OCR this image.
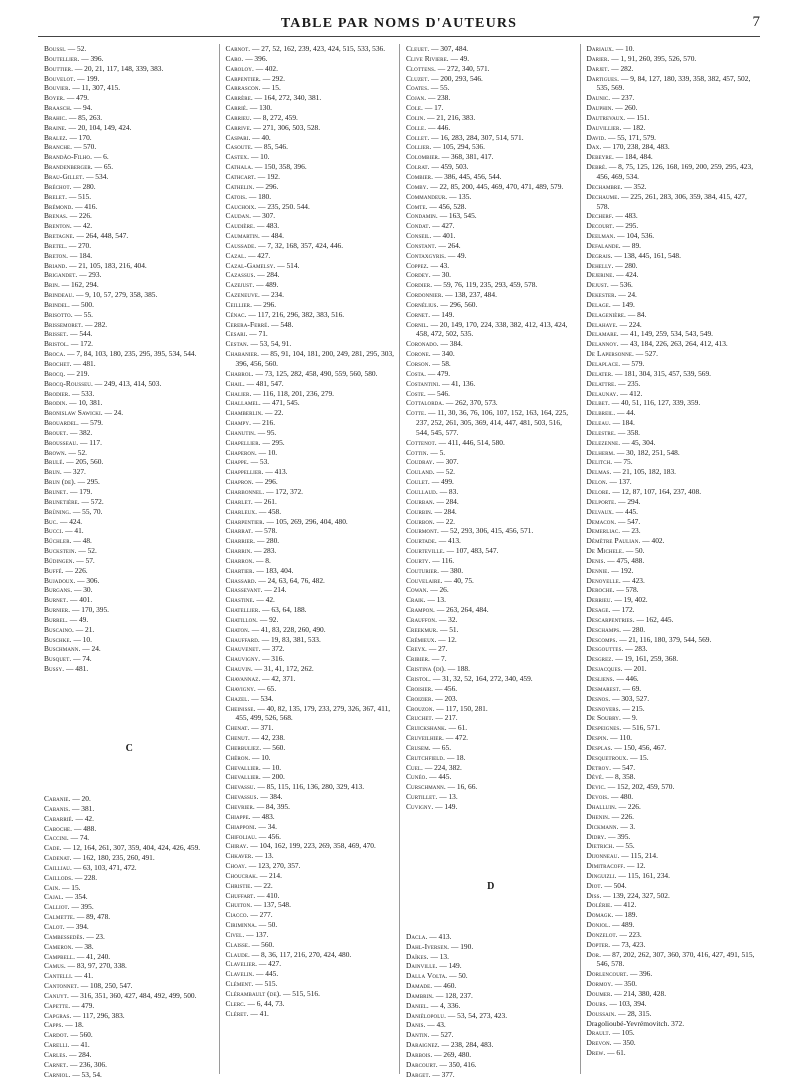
TABLE PAR NOMS D'AUTEURS	7
Boussi. — 52.
Boutellier. — 396.
Bouttier. — 20, 21, 117, 148, 339, 383.
Bouvelot. — 199.
Bouvier. — 11, 307, 415.
Boyer. — 479.
Braasch. — 94.
Brahic. — 85, 263.
Braine. — 20, 104, 149, 424.
Bralez. — 170.
Branche. — 570.
Brandão-Filho. — 6.
Brandenberger. — 65.
Brau-Gillet. — 534.
Bréchot. — 280.
Brelet. — 515.
Brémond. — 416.
Brenas. — 226.
Brenton. — 42.
Bretagne. — 264, 448, 547.
Bretel. — 270.
Breton. — 184.
Briand. — 21, 105, 183, 216, 404.
Brigandet. — 293.
Brin. — 162, 294.
Brindeau. — 9, 10, 57, 279, 358, 385.
Brindel. — 500.
Brisotto. — 55.
Brissemoret. — 282.
Brisset. — 544.
Bristol. — 172.
Broca. — 7, 84, 103, 180, 235, 295, 395, 534, 544.
Brochet. — 481.
Brocq. — 219.
Brocq-Rousseu. — 249, 413, 414, 503.
Brodier. — 533.
Brodin. — 10, 381.
Bronislaw Sawicki. — 24.
Brouardel. — 579.
Brouet. — 382.
Brousseau. — 117.
Brown. — 52.
Brulé. — 205, 560.
Brun. — 327.
Brun (de). — 295.
Brunet. — 179.
Brunetière. — 572.
Brüning. — 55, 70.
Buc. — 424.
Bucci. — 41.
Büchler. — 48.
Buckstein. — 52.
Büdingen. — 57.
Buffé. — 226.
Bujadoux. — 306.
Burgans. — 30.
Burnet. — 401.
Burnier. — 170, 395.
Burrel. — 49.
Buscaino. — 21.
Buschke. — 10.
Buschmann. — 24.
Busquet. — 74.
Bussy. — 481.
C
Cabanie. — 20.
Cabanis. — 381.
Cabarrié. — 42.
Caboche. — 488.
Caccini. — 74.
Cade. — 12, 164, 261, 307, 359, 404, 424, 426, 459.
Cadenat. — 162, 180, 235, 260, 491.
Cailliau. — 63, 103, 471, 472.
Caillods. — 228.
Cain. — 15.
Cajal. — 354.
Calliot. — 395.
Calmette. — 89, 478.
Calot. — 394.
Cambessedès. — 23.
Cameron. — 38.
Campbell. — 41, 240.
Camus. — 83, 97, 270, 338.
Cantelli. — 41.
Cantonnet. — 108, 250, 547.
Canuyt. — 316, 351, 360, 427, 484, 492, 499, 500.
Capette. — 479.
Capgras. — 117, 296, 383.
Capps. — 18.
Cardot. — 560.
Carelli. — 41.
Carles. — 284.
Carnet. — 236, 306.
Carniol. — 53, 54.
Carnot. — 27, 52, 162, 239, 423, 424, 515, 533, 536.
Caro. — 396.
Caroloy. — 402.
Carpentier. — 292.
Carrascon. — 15.
Carrère. — 164, 272, 340, 381.
Carrié. — 130.
Carrieu. — 8, 272, 459.
Carrive. — 271, 306, 503, 528.
Caspari. — 40.
Casoute. — 85, 546.
Castex. — 10.
Cathala. — 150, 358, 396.
Cathcart. — 192.
Cathelin. — 296.
Catois. — 180.
Cauchoix. — 235, 250. 544.
Caudan. — 307.
Caudière. — 483.
Caumartin. — 484.
Caussade. — 7, 32, 168, 357, 424, 446.
Cazal. — 427.
Cazal-Gamelsy. — 514.
Cazassus. — 284.
Cazejust. — 489.
Cazeneuve. — 234.
Ceillier. — 296.
Cénac. — 117, 216, 296, 382, 383, 516.
Cerera-Ferré. — 548.
Cesari. — 71.
Cestan. — 53, 54, 91.
Chabanier. — 85, 91, 104, 181, 200, 249, 281, 295, 303, 396, 456, 560.
Chabrol. — 73, 125, 282, 458, 490, 559, 560, 580.
Chail. — 481, 547.
Chalier. — 116, 118, 201, 236, 279.
Challamel. — 471, 545.
Chamberlin. — 22.
Champy. — 216.
Chanutin. — 95.
Chapellier. — 295.
Chaperon. — 10.
Chappe. — 53.
Chappellier. — 413.
Chapron. — 296.
Charbonnel. — 172, 372.
Charlet. — 261.
Charleux. — 458.
Charpentier. — 105, 269, 296, 404, 480.
Charrat. — 578.
Charrier. — 280.
Charrin. — 283.
Charron. — 8.
Chartier. — 183, 404.
Chassard. — 24, 63, 64, 76, 482.
Chassevant. — 214.
Chastine. — 42.
Chatellier. — 63, 64, 188.
Chatillon. — 92.
Chaton. — 41, 83, 228, 260, 490.
Chauffard. — 19, 83, 381, 533.
Chauvenet. — 372.
Chauvigny. — 316.
Chauvin. — 31, 41, 172, 262.
Chavannaz. — 42, 371.
Chavigny. — 65.
Chazel. — 534.
Cheinisse. — 40, 82, 135, 179, 233, 279, 326, 367, 411, 455, 499, 526, 568.
Chenat. — 371.
Chenut. — 42, 238.
Cherbuliez. — 560.
Chéron. — 10.
Chevallier. — 10.
Chevallier. — 200.
Chevassu. — 85, 115, 116, 136, 280, 329, 413.
Chevassus. — 384.
Chevrier. — 84, 395.
Chiappe. — 483.
Chiapponi. — 34.
Chifoliau. — 456.
Chiray. — 104, 162, 199, 223, 269, 358, 469, 470.
Chkaver. — 13.
Choay. — 123, 270, 357.
Choucrak. — 214.
Christie. — 22.
Chuffart. — 410.
Chuiton. — 137, 548.
Ciacco. — 277.
Ciriminna. — 50.
Civel. — 137.
Claisse. — 560.
Claude. — 8, 36, 117, 216, 270, 424, 480.
Clavelier. — 427.
Clavelin. — 445.
Clément. — 515.
Clérambault (de). — 515, 516.
Clerc. — 6, 44, 73.
Cléret. — 41.
Cleuet. — 307, 484.
Clive Riviere. — 49.
Clottens. — 272, 340, 571.
Cluzet. — 200, 293, 546.
Coates. — 55.
Cojan. — 238.
Cole. — 17.
Colin. — 21, 216, 383.
Colle. — 446.
Collet. — 16, 283, 284, 307, 514, 571.
Collier. — 105, 294, 536.
Colombier. — 368, 381, 417.
Colrat. — 459, 503.
Combier. — 386, 445, 456, 544.
Comby. — 22, 85, 200, 445, 469, 470, 471, 489, 579.
Commandeur. — 135.
Comte. — 456, 528.
Condamin. — 163, 545.
Condat. — 427.
Conseil. — 401.
Constant. — 264.
Contaxgyris. — 49.
Coppez. — 43.
Cordey. — 30.
Cordier. — 59, 76, 119, 235, 293, 459, 578.
Cordonnier. — 138, 237, 484.
Cornélius. — 296, 560.
Cornet. — 149.
Cornil. — 20, 149, 170, 224, 338, 382, 412, 413, 424, 458, 472, 502, 535.
Coronado. — 384.
Corone. — 340.
Corson. — 58.
Costa. — 479.
Costantini. — 41, 136.
Coste. — 546.
Cottalorda. — 262, 370, 573.
Cotte. — 11, 30, 36, 76, 106, 107, 152, 163, 164, 225, 237, 252, 261, 305, 369, 414, 447, 481, 503, 516, 544, 545, 577.
Cottenot. — 411, 446, 514, 580.
Cottin. — 5.
Coudray. — 307.
Couland. — 52.
Coulet. — 499.
Coullaud. — 83.
Courban. — 284.
Courbin. — 284.
Courbon. — 22.
Courmont. — 52, 293, 306, 415, 456, 571.
Courtade. — 413.
Courteville. — 107, 483, 547.
Courty. — 116.
Couturier. — 380.
Couvelaire. — 40, 75.
Cowan. — 26.
Craik. — 13.
Crampon. — 263, 264, 484.
Crauffon. — 32.
Creekmur. — 51.
Crémieux. — 12.
Creyx. — 27.
Cribier. — 7.
Cristina (di). — 188.
Cristol. — 31, 32, 52, 164, 272, 340, 459.
Croisier. — 456.
Croizier. — 203.
Crouzon. — 117, 150, 281.
Cruchet. — 217.
Cruickshank. — 61.
Cruveilhier. — 472.
Crusem. — 65.
Crutchfield. — 18.
Cuel. — 224, 382.
Cunéo. — 445.
Curschmann. — 16, 66.
Curtillet. — 13.
Cuvigny. — 149.
D
Dacla. — 413.
Dahl-Iversen. — 190.
Daïkes. — 13.
Dainville. — 149.
Dalla Volta. — 50.
Damade. — 460.
Dambrin. — 128, 237.
Daniel. — 4, 336.
Danièlopolu. — 53, 54, 273, 423.
Danis. — 43.
Dantin. — 527.
Daraignez. — 238, 284, 483.
Darbois. — 269, 480.
Darcourt. — 350, 416.
Darget. — 377.
Dariaux. — 10.
Darier. — 1, 91, 260, 395, 526, 570.
Darjet. — 282.
Dartigues. — 9, 84, 127, 180, 339, 358, 382, 457, 502, 535, 569.
Daunic. — 237.
Dauphin. — 260.
Dautrevaux. — 151.
Dauvillier. — 182.
David. — 55, 171, 579.
Dax. — 170, 238, 284, 483.
Debeyre. — 184, 484.
Debré. — 8, 75, 125, 126, 168, 169, 200, 259, 295, 423, 456, 469, 534.
Dechambre. — 352.
Dechaume. — 225, 261, 283, 306, 359, 384, 415, 427, 578.
Decherf. — 483.
Decourt. — 295.
Deelman. — 104, 536.
Defalande. — 89.
Degrais. — 138, 445, 161, 548.
Dehelly. — 280.
Dejerine. — 424.
Dejust. — 536.
Dekester. — 24.
Delage. — 149.
Delagenière. — 84.
Delahaye. — 224.
Delamare. — 41, 149, 259, 534, 543, 549.
Delannoy. — 43, 184, 226, 263, 264, 412, 413.
De Lapersonne. — 527.
Delaplace. — 579.
Delater. — 181, 304, 315, 457, 539, 569.
Delattre. — 235.
Delaunay. — 412.
Delbet. — 40, 51, 116, 127, 339, 359.
Delbreil. — 44.
Deleau. — 184.
Delestre. — 358.
Delezenne. — 45, 304.
Delherm. — 30, 182, 251, 548.
Delitch. — 75.
Delmas. — 21, 105, 182, 183.
Delon. — 137.
Delore. — 12, 87, 107, 164, 237, 408.
Delporte. — 294.
Delvaux. — 445.
Demacon. — 547.
Demerliac. — 23.
Démètre Paulian. — 402.
De Michele. — 50.
Denis. — 475, 488.
Dennie. — 192.
Denoyelle. — 423.
Deroche. — 578.
Derrieu. — 19, 402.
Desage. — 172.
Descarpentries. — 162, 445.
Deschamps. — 280.
Descomps. — 21, 116, 180, 379, 544, 569.
Desgouttes. — 283.
Desgrez. — 19, 161, 259, 368.
Desjacques. — 201.
Desliens. — 446.
Desmarest. — 69.
Desnos. — 303, 527.
Desnoyers. — 215.
De Soubry. — 9.
Despeignes. — 516, 571.
Despin. — 110.
Desplas. — 150, 456, 467.
Desquetroux. — 15.
Detroy. — 547.
Dévé. — 8, 358.
Devic. — 152, 202, 459, 570.
Devois. — 480.
Dhalluin. — 226.
Dhenin. — 226.
Dickmann. — 3.
Didry. — 395.
Dietrich. — 55.
Dijonneau. — 115, 214.
Dimitracoff. — 12.
Dinguizli. — 115, 161, 234.
Diot. — 504.
Diss. — 139, 224, 327, 502.
Dolérie. — 412.
Domagk. — 189.
Donjol. — 489.
Donzelot. — 223.
Dopter. — 73, 423.
Dor. — 87, 202, 262, 307, 360, 370, 416, 427, 491, 515, 546, 578.
Dorlencourt. — 396.
Dormoy. — 350.
Doumer. — 214, 380, 428.
Dours. — 103, 394.
Doussain. — 28, 315.
Dragolioubé-Yevrémovitch. 372.
Drault. — 105.
Drevon. — 350.
Drew. — 61.
